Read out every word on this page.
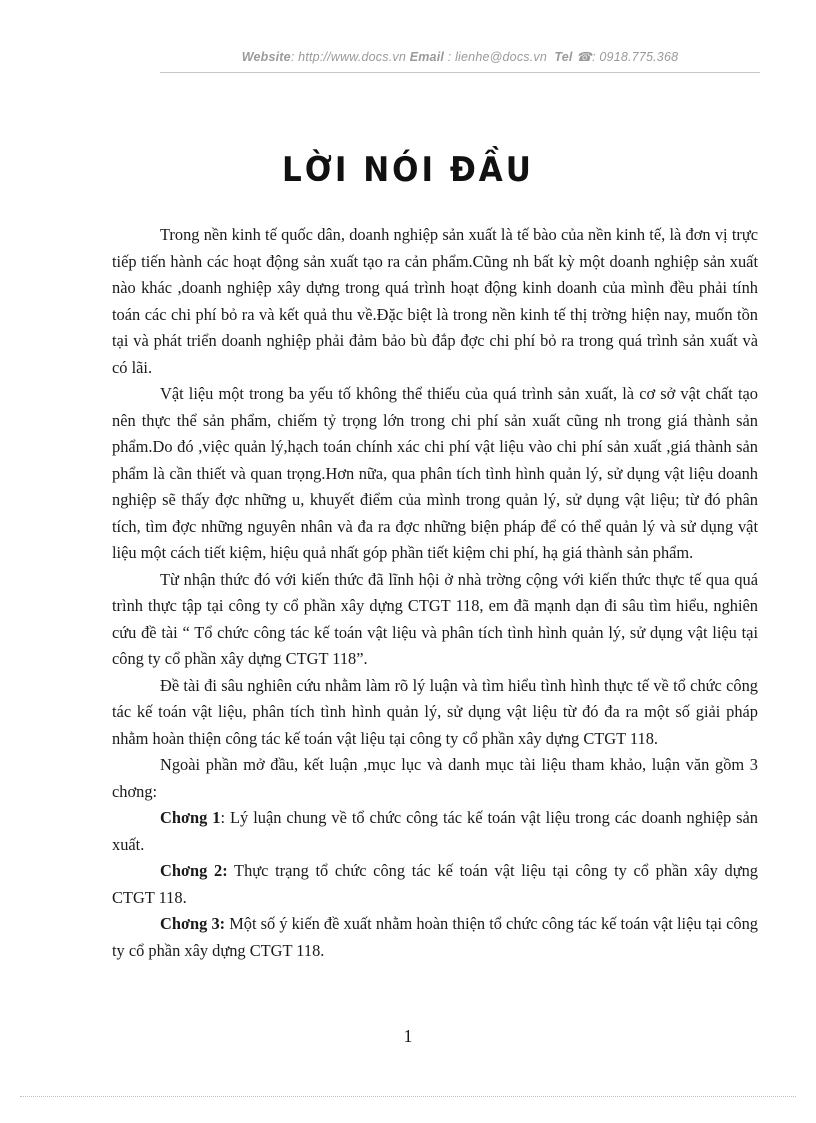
Website: http://www.docs.vn Email : lienhe@docs.vn Tel ☎: 0918.775.368
LỜI NÓI ĐẦU

Trong nền kinh tế quốc dân, doanh nghiệp sản xuất là tế bào của nền kinh tế, là đơn vị trực tiếp tiến hành các hoạt động sản xuất tạo ra cản phẩm.Cũng nh bất kỳ một doanh nghiệp sản xuất nào khác ,doanh nghiệp xây dựng trong quá trình hoạt động kinh doanh của mình đều phải tính toán các chi phí bỏ ra và kết quả thu về.Đặc biệt là trong nền kinh tế thị trờng hiện nay, muốn tồn tại và phát triển doanh nghiệp phải đảm bảo bù đắp đợc chi phí bỏ ra trong quá trình sản xuất và có lãi.

Vật liệu một trong ba yếu tố không thể thiếu của quá trình sản xuất, là cơ sở vật chất tạo nên thực thể sản phẩm, chiếm tỷ trọng lớn trong chi phí sản xuất cũng nh trong giá thành sản phẩm.Do đó ,việc quản lý,hạch toán chính xác chi phí vật liệu vào chi phí sản xuất ,giá thành sản phẩm là cần thiết và quan trọng.Hơn nữa, qua phân tích tình hình quản lý, sử dụng vật liệu doanh nghiệp sẽ thấy đợc những u, khuyết điểm của mình trong quản lý, sử dụng vật liệu; từ đó phân tích, tìm đợc những nguyên nhân và đa ra đợc những biện pháp để có thể quản lý và sử dụng vật liệu một cách tiết kiệm, hiệu quả nhất góp phần tiết kiệm chi phí, hạ giá thành sản phẩm.

Từ nhận thức đó với kiến thức đã lĩnh hội ở nhà trờng cộng với kiến thức thực tế qua quá trình thực tập tại công ty cổ phần xây dựng CTGT 118, em đã mạnh dạn đi sâu tìm hiểu, nghiên cứu đề tài “ Tổ chức công tác kế toán vật liệu và phân tích tình hình quản lý, sử dụng vật liệu tại công ty cổ phần xây dựng CTGT 118”.

Đề tài đi sâu nghiên cứu nhằm làm rõ lý luận và tìm hiểu tình hình thực tế về tổ chức công tác kế toán vật liệu, phân tích tình hình quản lý, sử dụng vật liệu từ đó đa ra một số giải pháp nhằm hoàn thiện công tác kế toán vật liệu tại công ty cổ phần xây dựng CTGT 118.

Ngoài phần mở đầu, kết luận ,mục lục và danh mục tài liệu tham khảo, luận văn gồm 3 chơng:

Chơng 1: Lý luận chung về tổ chức công tác kế toán vật liệu trong các doanh nghiệp sản xuất.

Chơng 2: Thực trạng tổ chức công tác kế toán vật liệu tại công ty cổ phần xây dựng CTGT 118.

Chơng 3: Một số ý kiến đề xuất nhằm hoàn thiện tổ chức công tác kế toán vật liệu tại công ty cổ phần xây dựng CTGT 118.

1
